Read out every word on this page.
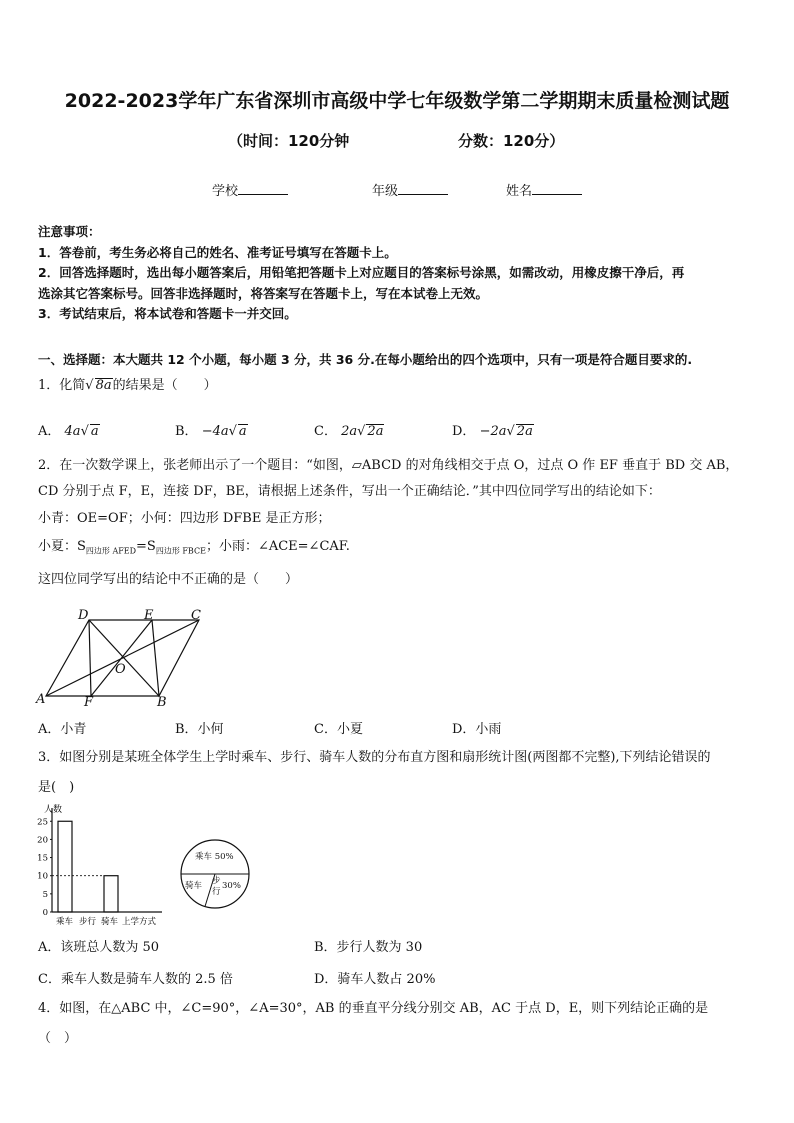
2022-2023学年广东省深圳市高级中学七年级数学第二学期期末质量检测试题
（时间：120分钟	分数：120分）
学校	年级	姓名
注意事项：
1．答卷前，考生务必将自己的姓名、准考证号填写在答题卡上。
2．回答选择题时，选出每小题答案后，用铅笔把答题卡上对应题目的答案标号涂黑，如需改动，用橡皮擦干净后，再
选涂其它答案标号。回答非选择题时，将答案写在答题卡上，写在本试卷上无效。
3．考试结束后，将本试卷和答题卡一并交回。
一、选择题：本大题共 12 个小题，每小题 3 分，共 36 分.在每小题给出的四个选项中，只有一项是符合题目要求的.
1．化简√ 8a的结果是（　　）
A． 4a√ a	B． −4a√ a	C． 2a√ 2a	D． −2a√ 2a
2．在一次数学课上，张老师出示了一个题目：“如图，▱ABCD 的对角线相交于点 O，过点 O 作 EF 垂直于 BD 交 AB，
CD 分别于点 F，E，连接 DF，BE，请根据上述条件，写出一个正确结论．”其中四位同学写出的结论如下：
小青：OE=OF；小何：四边形 DFBE 是正方形；
小夏：$S_{四边形 AFED}=S_{四边形 FBCE}$；小雨：∠ACE=∠CAF.
这四位同学写出的结论中不正确的是（　　）
D	E	C
A	F	B
O
A．小青	B．小何	C．小夏	D．小雨
3．如图分别是某班全体学生上学时乘车、步行、骑车人数的分布直方图和扇形统计图(两图都不完整),下列结论错误的
是(　)
人数
0
5
10
15
20
25
乘车 步行 骑车 上学方式
乘车 50%
骑车 步
行
30%
A．该班总人数为 50	B．步行人数为 30
C．乘车人数是骑车人数的 2.5 倍	D．骑车人数占 20%
4．如图，在△ABC 中，∠C=90°，∠A=30°，AB 的垂直平分线分别交 AB，AC 于点 D，E，则下列结论正确的是
（　）
